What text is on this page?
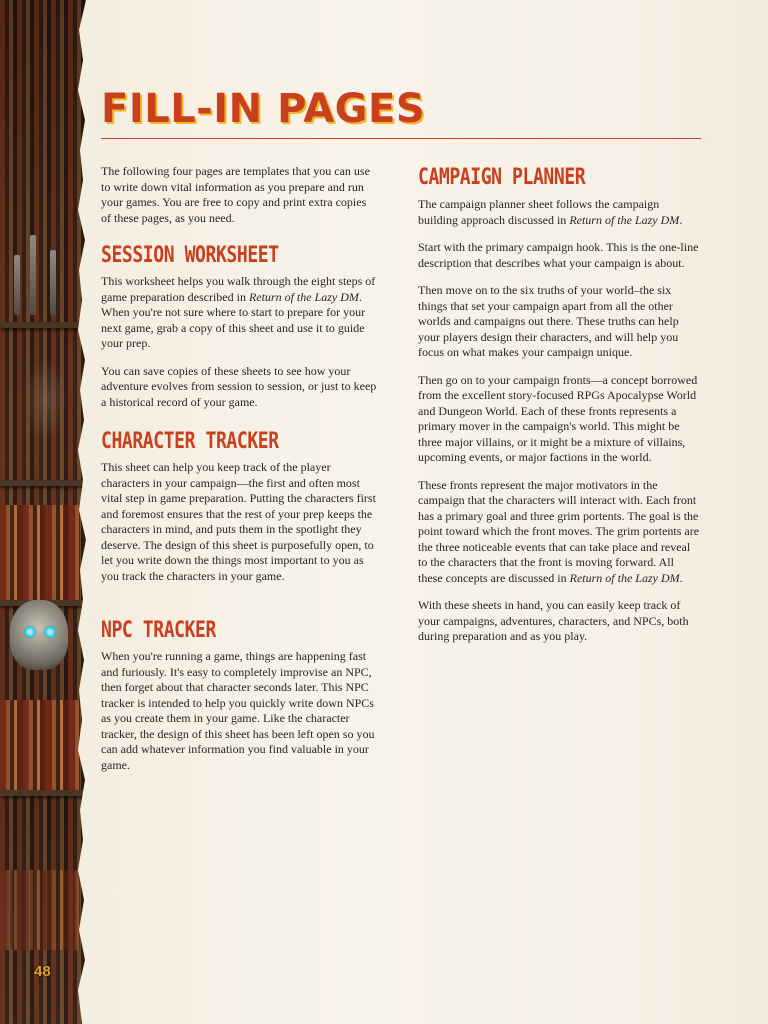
48
FILL-IN PAGES

The following four pages are templates that you can use to write down vital information as you prepare and run your games. You are free to copy and print extra copies of these pages, as you need.

SESSION WORKSHEET

This worksheet helps you walk through the eight steps of game preparation described in Return of the Lazy DM. When you're not sure where to start to prepare for your next game, grab a copy of this sheet and use it to guide your prep.

You can save copies of these sheets to see how your adventure evolves from session to session, or just to keep a historical record of your game.

CHARACTER TRACKER

This sheet can help you keep track of the player characters in your campaign—the first and often most vital step in game preparation. Putting the characters first and foremost ensures that the rest of your prep keeps the characters in mind, and puts them in the spotlight they deserve. The design of this sheet is purposefully open, to let you write down the things most important to you as you track the characters in your game.

NPC TRACKER

When you're running a game, things are happening fast and furiously. It's easy to completely improvise an NPC, then forget about that character seconds later. This NPC tracker is intended to help you quickly write down NPCs as you create them in your game. Like the character tracker, the design of this sheet has been left open so you can add whatever information you find valuable in your game.

CAMPAIGN PLANNER

The campaign planner sheet follows the campaign building approach discussed in Return of the Lazy DM.

Start with the primary campaign hook. This is the one-line description that describes what your campaign is about.

Then move on to the six truths of your world–the six things that set your campaign apart from all the other worlds and campaigns out there. These truths can help your players design their characters, and will help you focus on what makes your campaign unique.

Then go on to your campaign fronts—a concept borrowed from the excellent story-focused RPGs Apocalypse World and Dungeon World. Each of these fronts represents a primary mover in the campaign's world. This might be three major villains, or it might be a mixture of villains, upcoming events, or major factions in the world.

These fronts represent the major motivators in the campaign that the characters will interact with. Each front has a primary goal and three grim portents. The goal is the point toward which the front moves. The grim portents are the three noticeable events that can take place and reveal to the characters that the front is moving forward. All these concepts are discussed in Return of the Lazy DM.

With these sheets in hand, you can easily keep track of your campaigns, adventures, characters, and NPCs, both during preparation and as you play.
